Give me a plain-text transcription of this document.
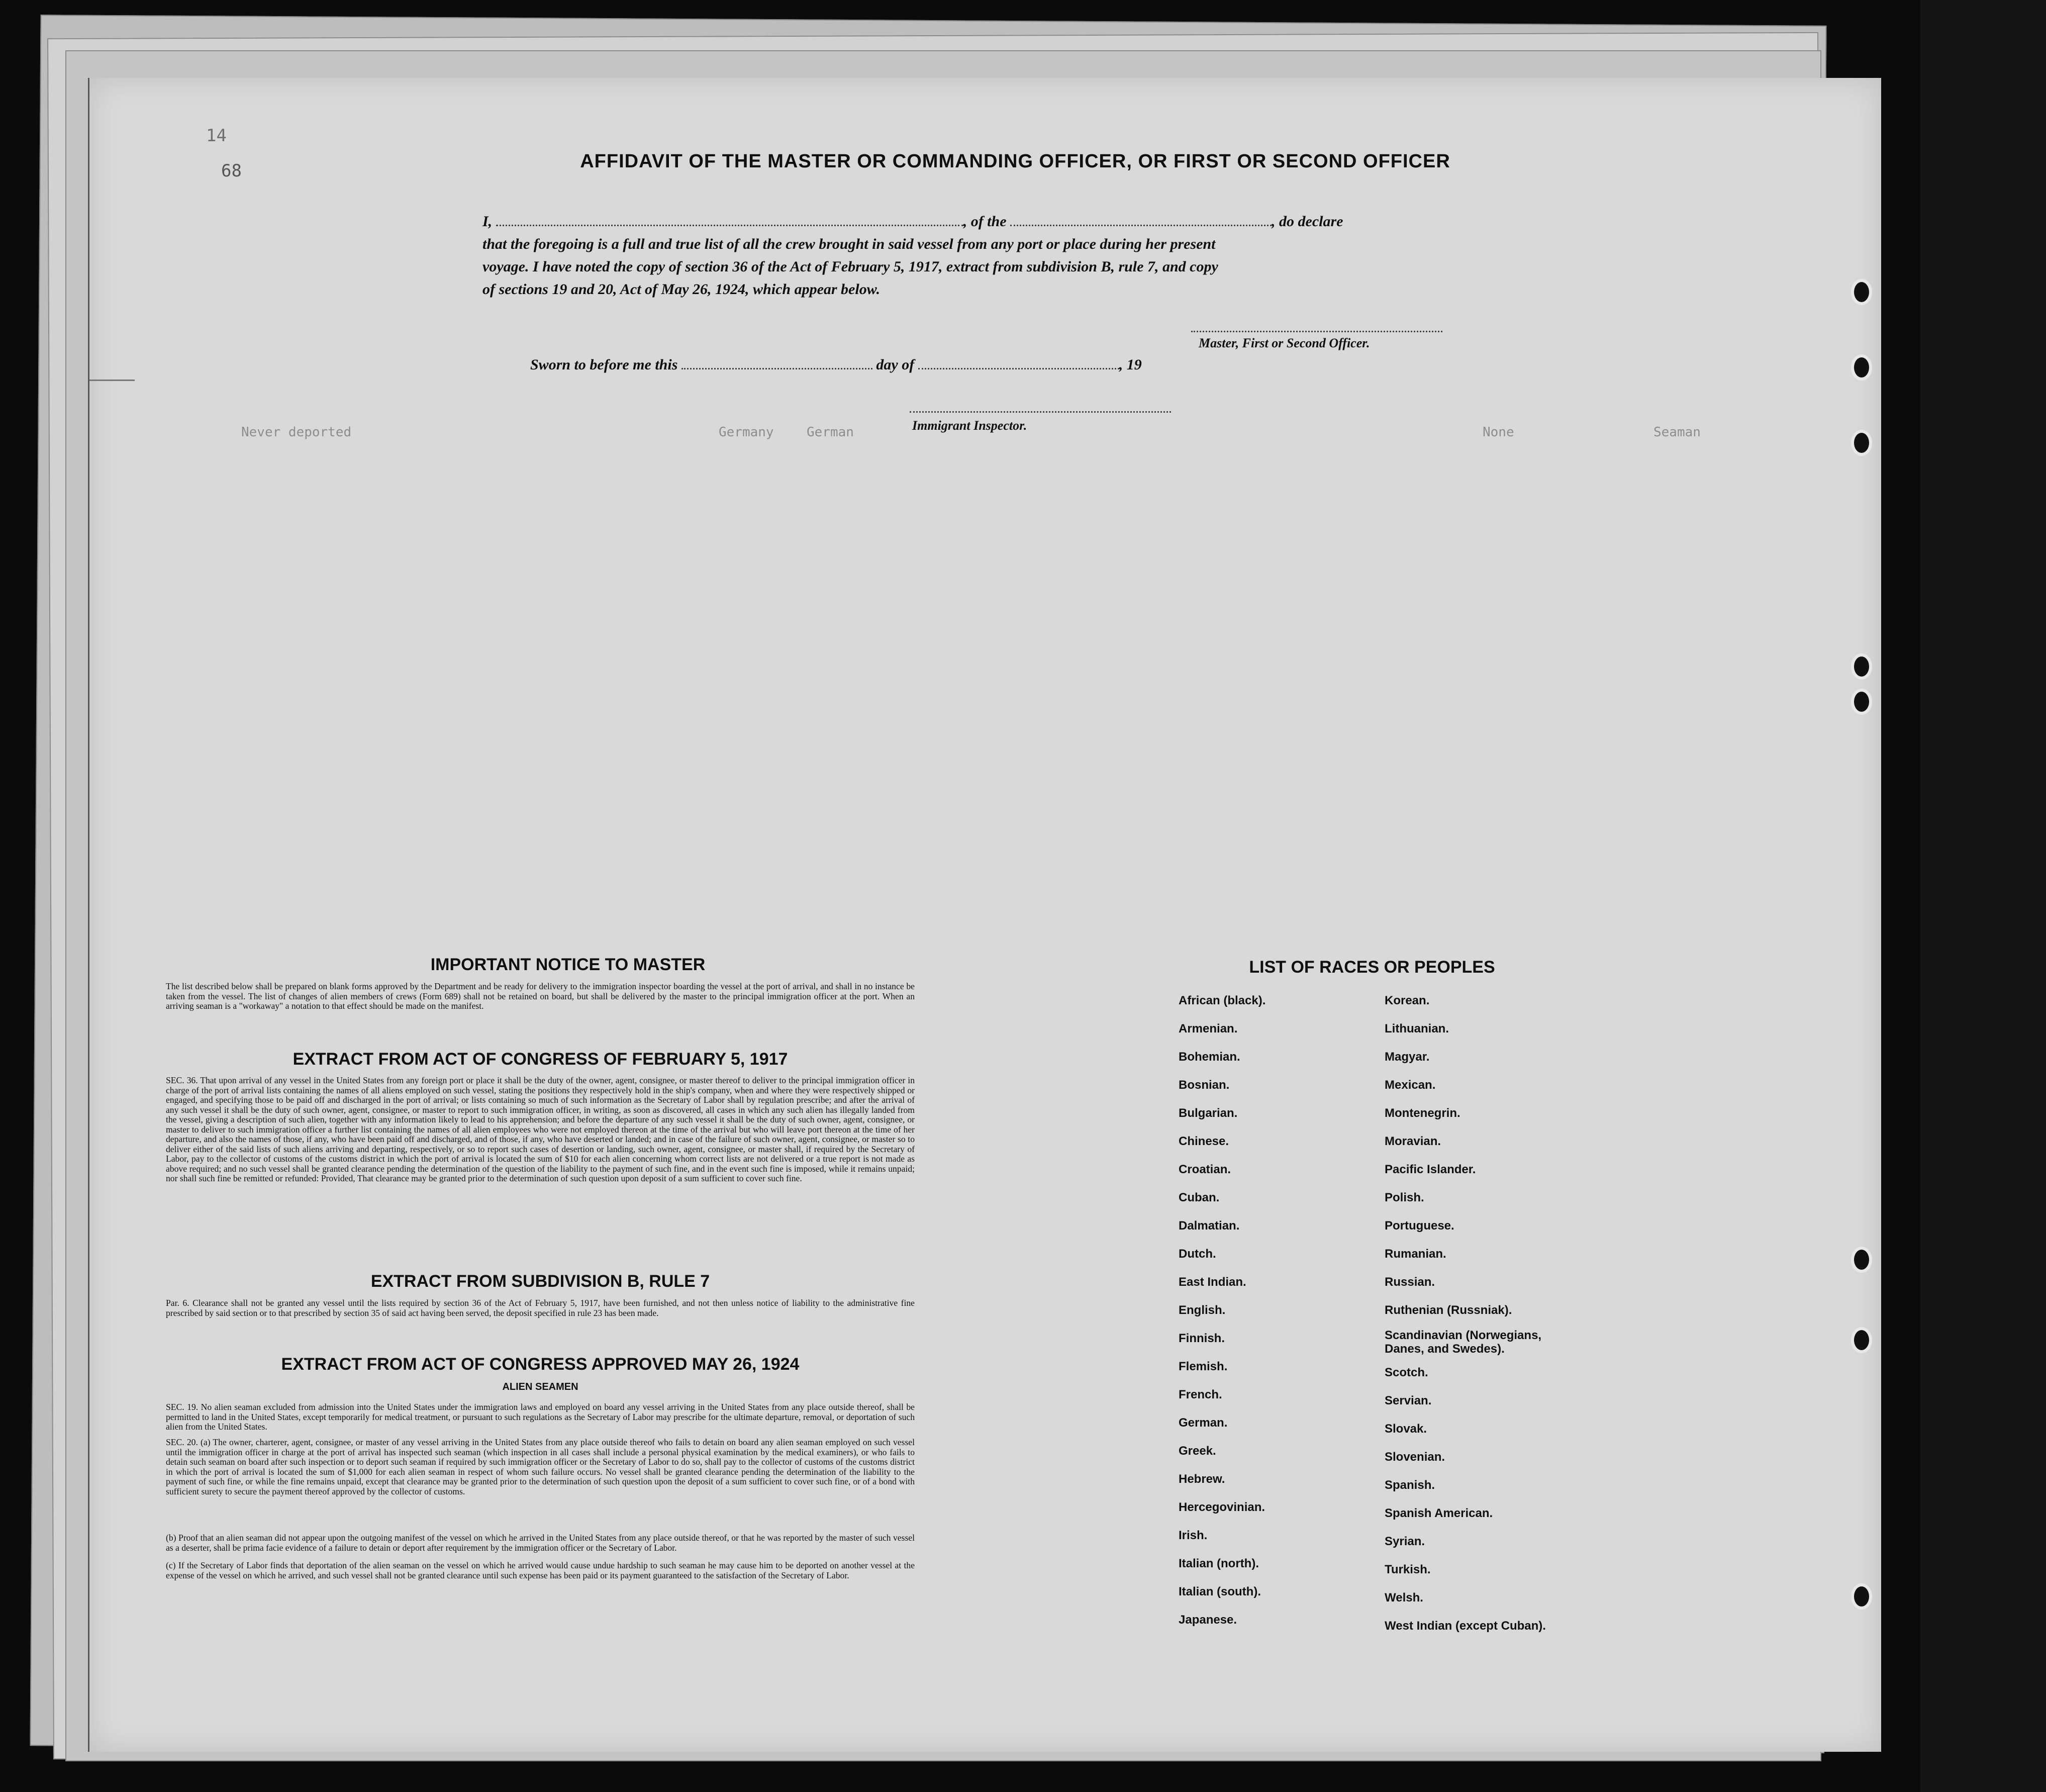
14
68	AFFIDAVIT OF THE MASTER OR COMMANDING OFFICER, OR FIRST OR SECOND OFFICER
I,	, of the	, do declare
that the foregoing is a full and true list of all the crew brought in said vessel from any port or place during her present
voyage. I have noted the copy of section 36 of the Act of February 5, 1917, extract from subdivision B, rule 7, and copy
of sections 19 and 20, Act of May 26, 1924, which appear below.
Master, First or Second Officer.
Sworn to before me this	day of	, 19
Immigrant Inspector.
Never deported	Germany	German	None	Seaman
IMPORTANT NOTICE TO MASTER
The list described below shall be prepared on blank forms approved by the Department and be ready for delivery to the immigration inspector boarding the vessel at the port of arrival, and shall in no instance be taken from the vessel. The list of changes of alien members of crews (Form 689) shall not be retained on board, but shall be delivered by the master to the principal immigration officer at the port. When an arriving seaman is a "workaway" a notation to that effect should be made on the manifest.
EXTRACT FROM ACT OF CONGRESS OF FEBRUARY 5, 1917
SEC. 36. That upon arrival of any vessel in the United States from any foreign port or place it shall be the duty of the owner, agent, consignee, or master thereof to deliver to the principal immigration officer in charge of the port of arrival lists containing the names of all aliens employed on such vessel, stating the positions they respectively hold in the ship's company, when and where they were respectively shipped or engaged, and specifying those to be paid off and discharged in the port of arrival; or lists containing so much of such information as the Secretary of Labor shall by regulation prescribe; and after the arrival of any such vessel it shall be the duty of such owner, agent, consignee, or master to report to such immigration officer, in writing, as soon as discovered, all cases in which any such alien has illegally landed from the vessel, giving a description of such alien, together with any information likely to lead to his apprehension; and before the departure of any such vessel it shall be the duty of such owner, agent, consignee, or master to deliver to such immigration officer a further list containing the names of all alien employees who were not employed thereon at the time of the arrival but who will leave port thereon at the time of her departure, and also the names of those, if any, who have been paid off and discharged, and of those, if any, who have deserted or landed; and in case of the failure of such owner, agent, consignee, or master so to deliver either of the said lists of such aliens arriving and departing, respectively, or so to report such cases of desertion or landing, such owner, agent, consignee, or master shall, if required by the Secretary of Labor, pay to the collector of customs of the customs district in which the port of arrival is located the sum of $10 for each alien concerning whom correct lists are not delivered or a true report is not made as above required; and no such vessel shall be granted clearance pending the determination of the question of the liability to the payment of such fine, and in the event such fine is imposed, while it remains unpaid; nor shall such fine be remitted or refunded: Provided, That clearance may be granted prior to the determination of such question upon deposit of a sum sufficient to cover such fine.
EXTRACT FROM SUBDIVISION B, RULE 7
Par. 6. Clearance shall not be granted any vessel until the lists required by section 36 of the Act of February 5, 1917, have been furnished, and not then unless notice of liability to the administrative fine prescribed by said section or to that prescribed by section 35 of said act having been served, the deposit specified in rule 23 has been made.
EXTRACT FROM ACT OF CONGRESS APPROVED MAY 26, 1924
ALIEN SEAMEN
SEC. 19. No alien seaman excluded from admission into the United States under the immigration laws and employed on board any vessel arriving in the United States from any place outside thereof, shall be permitted to land in the United States, except temporarily for medical treatment, or pursuant to such regulations as the Secretary of Labor may prescribe for the ultimate departure, removal, or deportation of such alien from the United States.
SEC. 20. (a) The owner, charterer, agent, consignee, or master of any vessel arriving in the United States from any place outside thereof who fails to detain on board any alien seaman employed on such vessel until the immigration officer in charge at the port of arrival has inspected such seaman (which inspection in all cases shall include a personal physical examination by the medical examiners), or who fails to detain such seaman on board after such inspection or to deport such seaman if required by such immigration officer or the Secretary of Labor to do so, shall pay to the collector of customs of the customs district in which the port of arrival is located the sum of $1,000 for each alien seaman in respect of whom such failure occurs. No vessel shall be granted clearance pending the determination of the liability to the payment of such fine, or while the fine remains unpaid, except that clearance may be granted prior to the determination of such question upon the deposit of a sum sufficient to cover such fine, or of a bond with sufficient surety to secure the payment thereof approved by the collector of customs.
(b) Proof that an alien seaman did not appear upon the outgoing manifest of the vessel on which he arrived in the United States from any place outside thereof, or that he was reported by the master of such vessel as a deserter, shall be prima facie evidence of a failure to detain or deport after requirement by the immigration officer or the Secretary of Labor.
(c) If the Secretary of Labor finds that deportation of the alien seaman on the vessel on which he arrived would cause undue hardship to such seaman he may cause him to be deported on another vessel at the expense of the vessel on which he arrived, and such vessel shall not be granted clearance until such expense has been paid or its payment guaranteed to the satisfaction of the Secretary of Labor.
LIST OF RACES OR PEOPLES
African (black).
Armenian.
Bohemian.
Bosnian.
Bulgarian.
Chinese.
Croatian.
Cuban.
Dalmatian.
Dutch.
East Indian.
English.
Finnish.
Flemish.
French.
German.
Greek.
Hebrew.
Hercegovinian.
Irish.
Italian (north).
Italian (south).
Japanese.
Korean.
Lithuanian.
Magyar.
Mexican.
Montenegrin.
Moravian.
Pacific Islander.
Polish.
Portuguese.
Rumanian.
Russian.
Ruthenian (Russniak).
Scandinavian (Norwegians, Danes, and Swedes).
Scotch.
Servian.
Slovak.
Slovenian.
Spanish.
Spanish American.
Syrian.
Turkish.
Welsh.
West Indian (except Cuban).
